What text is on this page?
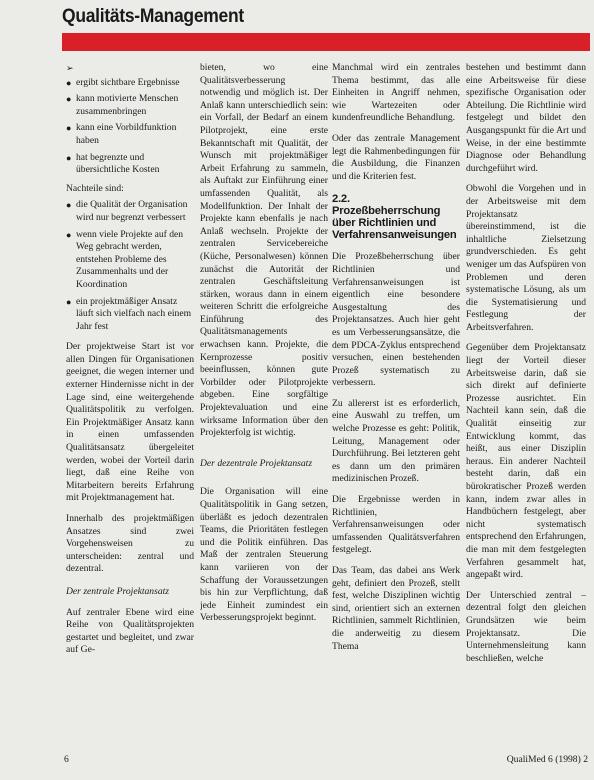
Qualitäts-Management
➢
● ergibt sichtbare Ergebnisse
● kann motivierte Menschen zusammenbringen
● kann eine Vorbildfunktion haben
● hat begrenzte und übersichtliche Kosten

Nachteile sind:

● die Qualität der Organisation wird nur begrenzt verbessert
● wenn viele Projekte auf den Weg gebracht werden, entstehen Probleme des Zusammenhalts und der Koordination
● ein projektmäßiger Ansatz läuft sich vielfach nach einem Jahr fest

Der projektweise Start ist vor allen Dingen für Organisationen geeignet, die wegen interner und externer Hindernisse nicht in der Lage sind, eine weitergehende Qualitätspolitik zu verfolgen. Ein Projektmäßiger Ansatz kann in einen umfassenden Qualitätsansatz übergeleitet werden, wobei der Vorteil darin liegt, daß eine Reihe von Mitarbeitern bereits Erfahrung mit Projektmanagement hat.

Innerhalb des projektmäßigen Ansatzes sind zwei Vorgehensweisen zu unterscheiden: zentral und dezentral.

Der zentrale Projektansatz

Auf zentraler Ebene wird eine Reihe von Qualitätsprojekten gestartet und begleitet, und zwar auf Ge-

bieten, wo eine Qualitätsverbesserung notwendig und möglich ist. Der Anlaß kann unterschiedlich sein: ein Vorfall, der Bedarf an einem Pilotprojekt, eine erste Bekanntschaft mit Qualität, der Wunsch mit projektmäßiger Arbeit Erfahrung zu sammeln, als Auftakt zur Einführung einer umfassenden Qualität, als Modellfunktion. Der Inhalt der Projekte kann ebenfalls je nach Anlaß wechseln. Projekte der zentralen Servicebereiche (Küche, Personalwesen) können zunächst die Autorität der zentralen Geschäftsleitung stärken, woraus dann in einem weiteren Schritt die erfolgreiche Einführung des Qualitätsmanagements erwachsen kann. Projekte, die Kernprozesse positiv beeinflussen, können gute Vorbilder oder Pilotprojekte abgeben. Eine sorgfältige Projektevaluation und eine wirksame Information über den Projekterfolg ist wichtig.

Der dezentrale Projektansatz

Die Organisation will eine Qualitätspolitik in Gang setzen, überläßt es jedoch dezentralen Teams, die Prioritäten festlegen und die Politik einführen. Das Maß der zentralen Steuerung kann variieren von der Schaffung der Voraussetzungen bis hin zur Verpflichtung, daß jede Einheit zumindest ein Verbesserungsprojekt beginnt.

Manchmal wird ein zentrales Thema bestimmt, das alle Einheiten in Angriff nehmen, wie Wartezeiten oder kundenfreundliche Behandlung.

Oder das zentrale Management legt die Rahmenbedingungen für die Ausbildung, die Finanzen und die Kriterien fest.

2.2. Prozeßbeherrschung über Richtlinien und Verfahrensanweisungen

Die Prozeßbeherrschung über Richtlinien und Verfahrensanweisungen ist eigentlich eine besondere Ausgestaltung des Projektansatzes. Auch hier geht es um Verbesserungsansätze, die dem PDCA-Zyklus entsprechend versuchen, einen bestehenden Prozeß systematisch zu verbessern.

Zu allererst ist es erforderlich, eine Auswahl zu treffen, um welche Prozesse es geht: Politik, Leitung, Management oder Durchführung. Bei letzteren geht es dann um den primären medizinischen Prozeß.

Die Ergebnisse werden in Richtlinien, Verfahrensanweisungen oder umfassenden Qualitätsverfahren festgelegt.

Das Team, das dabei ans Werk geht, definiert den Prozeß, stellt fest, welche Disziplinen wichtig sind, orientiert sich an externen Richtlinien, sammelt Richtlinien, die anderweitig zu diesem Thema

bestehen und bestimmt dann eine Arbeitsweise für diese spezifische Organisation oder Abteilung. Die Richtlinie wird festgelegt und bildet den Ausgangspunkt für die Art und Weise, in der eine bestimmte Diagnose oder Behandlung durchgeführt wird.

Obwohl die Vorgehen und in der Arbeitsweise mit dem Projektansatz übereinstimmend, ist die inhaltliche Zielsetzung grundverschieden. Es geht weniger um das Aufspüren von Problemen und deren systematische Lösung, als um die Systematisierung und Festlegung der Arbeitsverfahren.

Gegenüber dem Projektansatz liegt der Vorteil dieser Arbeitsweise darin, daß sie sich direkt auf definierte Prozesse ausrichtet. Ein Nachteil kann sein, daß die Qualität einseitig zur Entwicklung kommt, das heißt, aus einer Disziplin heraus. Ein anderer Nachteil besteht darin, daß ein bürokratischer Prozeß werden kann, indem zwar alles in Handbüchern festgelegt, aber nicht systematisch entsprechend den Erfahrungen, die man mit dem festgelegten Verfahren gesammelt hat, angepaßt wird.

Der Unterschied zentral – dezentral folgt den gleichen Grundsätzen wie beim Projektansatz. Die Unternehmensleitung kann beschließen, welche

6	QualiMed 6 (1998) 2
